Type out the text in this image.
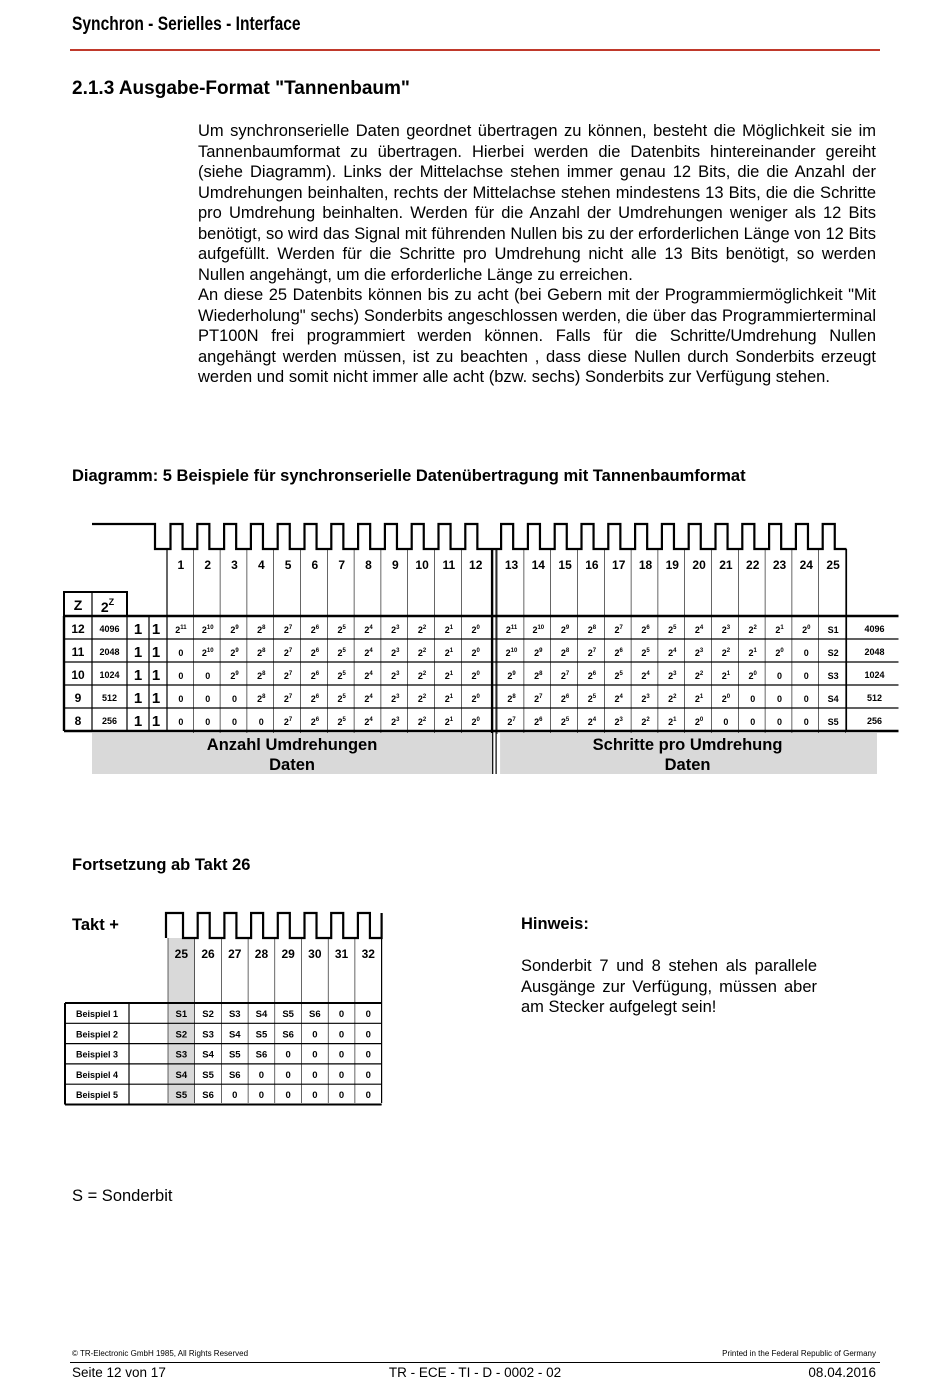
Synchron - Serielles - Interface
2.1.3 Ausgabe-Format "Tannenbaum"

Um synchronserielle Daten geordnet übertragen zu können, besteht die Möglichkeit sie im Tannenbaumformat zu übertragen. Hierbei werden die Datenbits hintereinander gereiht (siehe Diagramm). Links der Mittelachse stehen immer genau 12 Bits, die die Anzahl der Umdrehungen beinhalten, rechts der Mittelachse stehen mindestens 13 Bits, die die Schritte pro Umdrehung beinhalten. Werden für die Anzahl der Umdrehungen weniger als 12 Bits benötigt, so wird das Signal mit führenden Nullen bis zu der erforderlichen Länge von 12 Bits aufgefüllt. Werden für die Schritte pro Umdrehung nicht alle 13 Bits benötigt, so werden Nullen angehängt, um die erforderliche Länge zu erreichen.

An diese 25 Datenbits können bis zu acht (bei Gebern mit der Programmiermöglichkeit "Mit Wiederholung" sechs) Sonderbits angeschlossen werden, die über das Programmierterminal PT100N frei programmiert werden können. Falls für die Schritte/Umdrehung Nullen angehängt werden müssen, ist zu beachten , dass diese Nullen durch Sonderbits erzeugt werden und somit nicht immer alle acht (bzw. sechs) Sonderbits zur Verfügung stehen.

Diagramm: 5 Beispiele für synchronserielle Datenübertragung mit Tannenbaumformat
1 2 3 4 5 6 7 8 9 10 11 12 13 14 15 16 17 18 19 20 21 22 23 24 25
Z $2^Z$
12 4096 1 1 $2^{11}$ $2^{10}$ $2^9$ $2^8$ $2^7$ $2^6$ $2^5$ $2^4$ $2^3$ $2^2$ $2^1$ $2^0$	$2^{11}$ $2^{10}$ $2^9$ $2^8$ $2^7$ $2^6$ $2^5$ $2^4$ $2^3$ $2^2$ $2^1$ $2^0$ S1	4096
11 2048 1 1 0 $2^{10}$ $2^9$ $2^8$ $2^7$ $2^6$ $2^5$ $2^4$ $2^3$ $2^2$ $2^1$ $2^0$	$2^{10}$ $2^9$ $2^8$ $2^7$ $2^6$ $2^5$ $2^4$ $2^3$ $2^2$ $2^1$ $2^0$ 0 S2	2048
10 1024 1 1 0 0 $2^9$ $2^8$ $2^7$ $2^6$ $2^5$ $2^4$ $2^3$ $2^2$ $2^1$ $2^0$	$2^9$ $2^8$ $2^7$ $2^6$ $2^5$ $2^4$ $2^3$ $2^2$ $2^1$ $2^0$ 0 0 S3	1024
9 512 1 1 0 0 0 $2^8$ $2^7$ $2^6$ $2^5$ $2^4$ $2^3$ $2^2$ $2^1$ $2^0$	$2^8$ $2^7$ $2^6$ $2^5$ $2^4$ $2^3$ $2^2$ $2^1$ $2^0$ 0 0 0 S4	512
8 256 1 1 0 0 0 0 $2^7$ $2^6$ $2^5$ $2^4$ $2^3$ $2^2$ $2^1$ $2^0$	$2^7$ $2^6$ $2^5$ $2^4$ $2^3$ $2^2$ $2^1$ $2^0$ 0 0 0 0 S5	256
Anzahl Umdrehungen
Daten
Schritte pro Umdrehung
Daten
25 26 27 28 29 30 31 32
Beispiel 1	S1 S2 S3 S4 S5 S6 0 0
Beispiel 2	S2 S3 S4 S5 S6 0 0 0
Beispiel 3	S3 S4 S5 S6 0 0 0 0
Beispiel 4	S4 S5 S6 0 0 0 0 0
Beispiel 5	S5 S6 0 0 0 0 0 0
Fortsetzung ab Takt 26
Takt +	Hinweis:
Sonderbit 7 und 8 stehen als parallele Ausgänge zur Verfügung, müssen aber am Stecker aufgelegt sein!
S = Sonderbit
© TR-Electronic GmbH 1985, All Rights Reserved	Printed in the Federal Republic of Germany
Seite 12 von 17	TR - ECE - TI - D - 0002 - 02	08.04.2016
